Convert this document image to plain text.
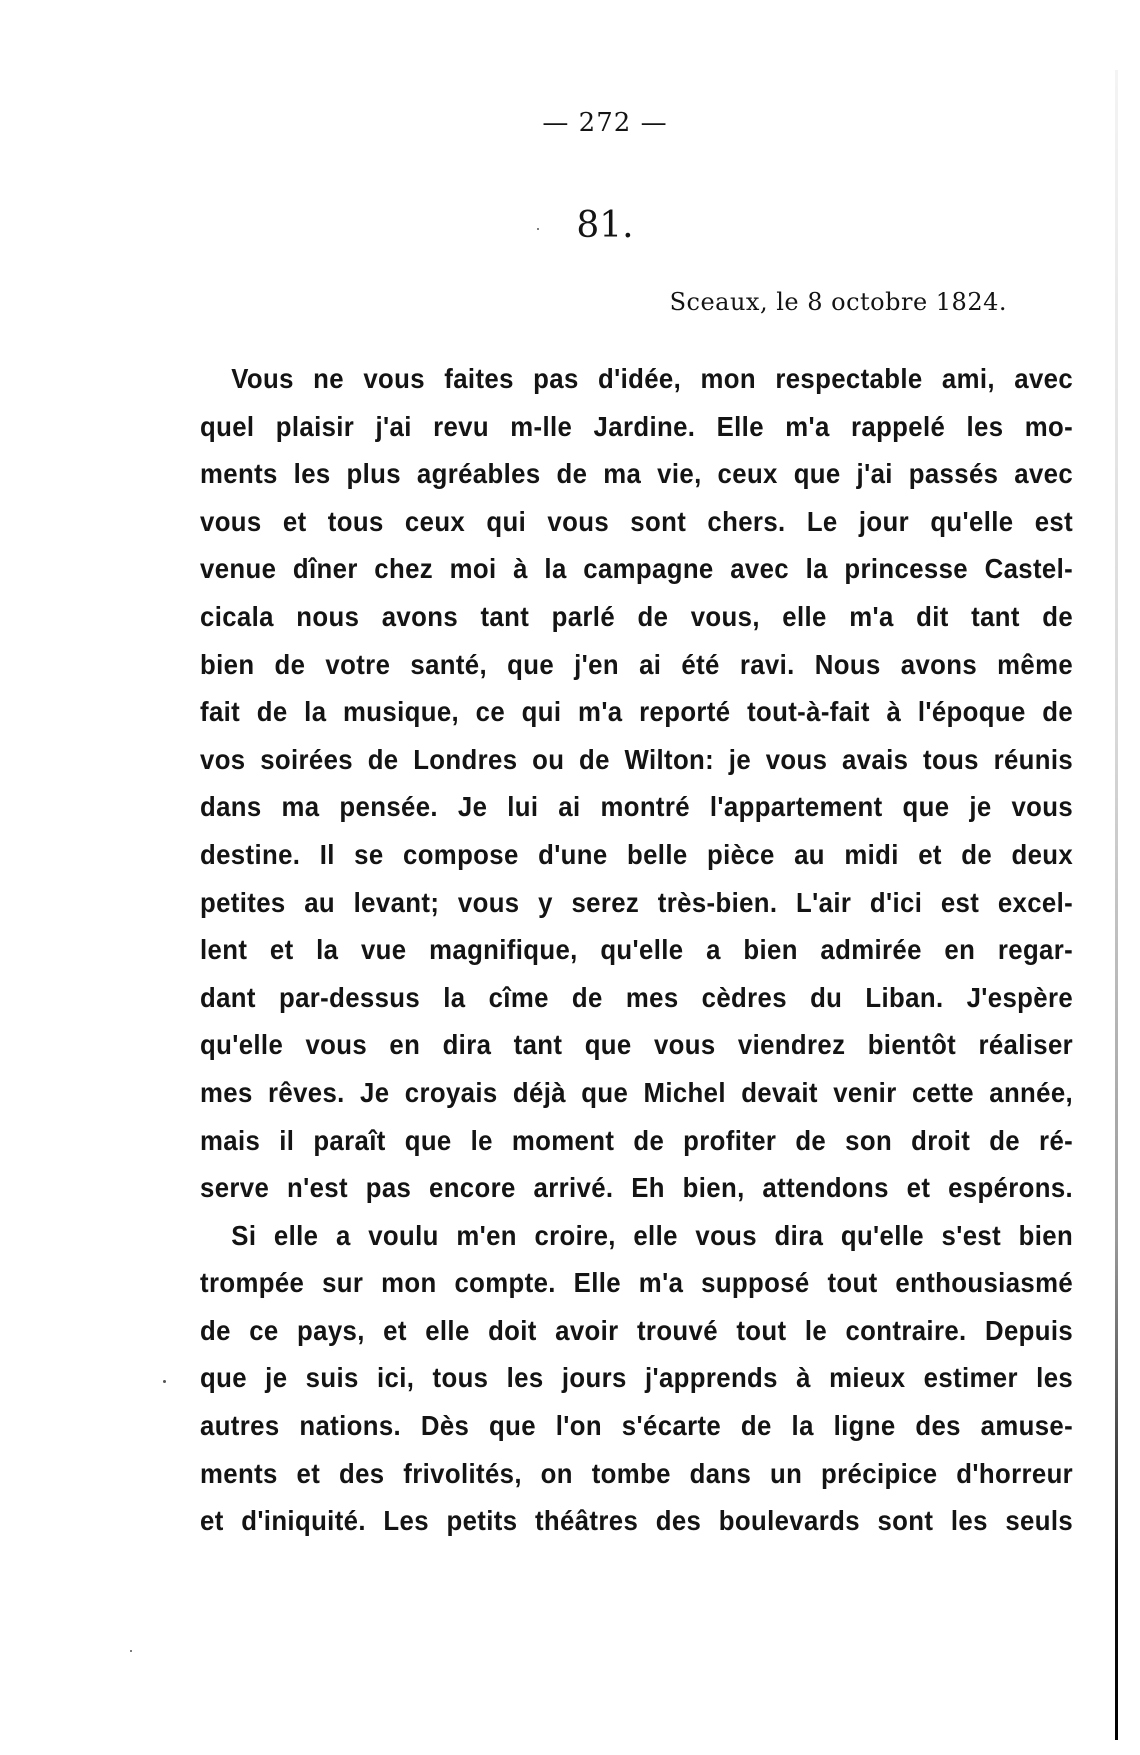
— 272 —
81.
Sceaux, le 8 octobre 1824.
Vous ne vous faites pas d'idée, mon respectable ami, avec
quel plaisir j'ai revu m-lle Jardine. Elle m'a rappelé les mo-
ments les plus agréables de ma vie, ceux que j'ai passés avec
vous et tous ceux qui vous sont chers. Le jour qu'elle est
venue dîner chez moi à la campagne avec la princesse Castel-
cicala nous avons tant parlé de vous, elle m'a dit tant de
bien de votre santé, que j'en ai été ravi. Nous avons même
fait de la musique, ce qui m'a reporté tout-à-fait à l'époque de
vos soirées de Londres ou de Wilton: je vous avais tous réunis
dans ma pensée. Je lui ai montré l'appartement que je vous
destine. Il se compose d'une belle pièce au midi et de deux
petites au levant; vous y serez très-bien. L'air d'ici est excel-
lent et la vue magnifique, qu'elle a bien admirée en regar-
dant par-dessus la cîme de mes cèdres du Liban. J'espère
qu'elle vous en dira tant que vous viendrez bientôt réaliser
mes rêves. Je croyais déjà que Michel devait venir cette année,
mais il paraît que le moment de profiter de son droit de ré-
serve n'est pas encore arrivé. Eh bien, attendons et espérons.
Si elle a voulu m'en croire, elle vous dira qu'elle s'est bien
trompée sur mon compte. Elle m'a supposé tout enthousiasmé
de ce pays, et elle doit avoir trouvé tout le contraire. Depuis
que je suis ici, tous les jours j'apprends à mieux estimer les
autres nations. Dès que l'on s'écarte de la ligne des amuse-
ments et des frivolités, on tombe dans un précipice d'horreur
et d'iniquité. Les petits théâtres des boulevards sont les seuls
